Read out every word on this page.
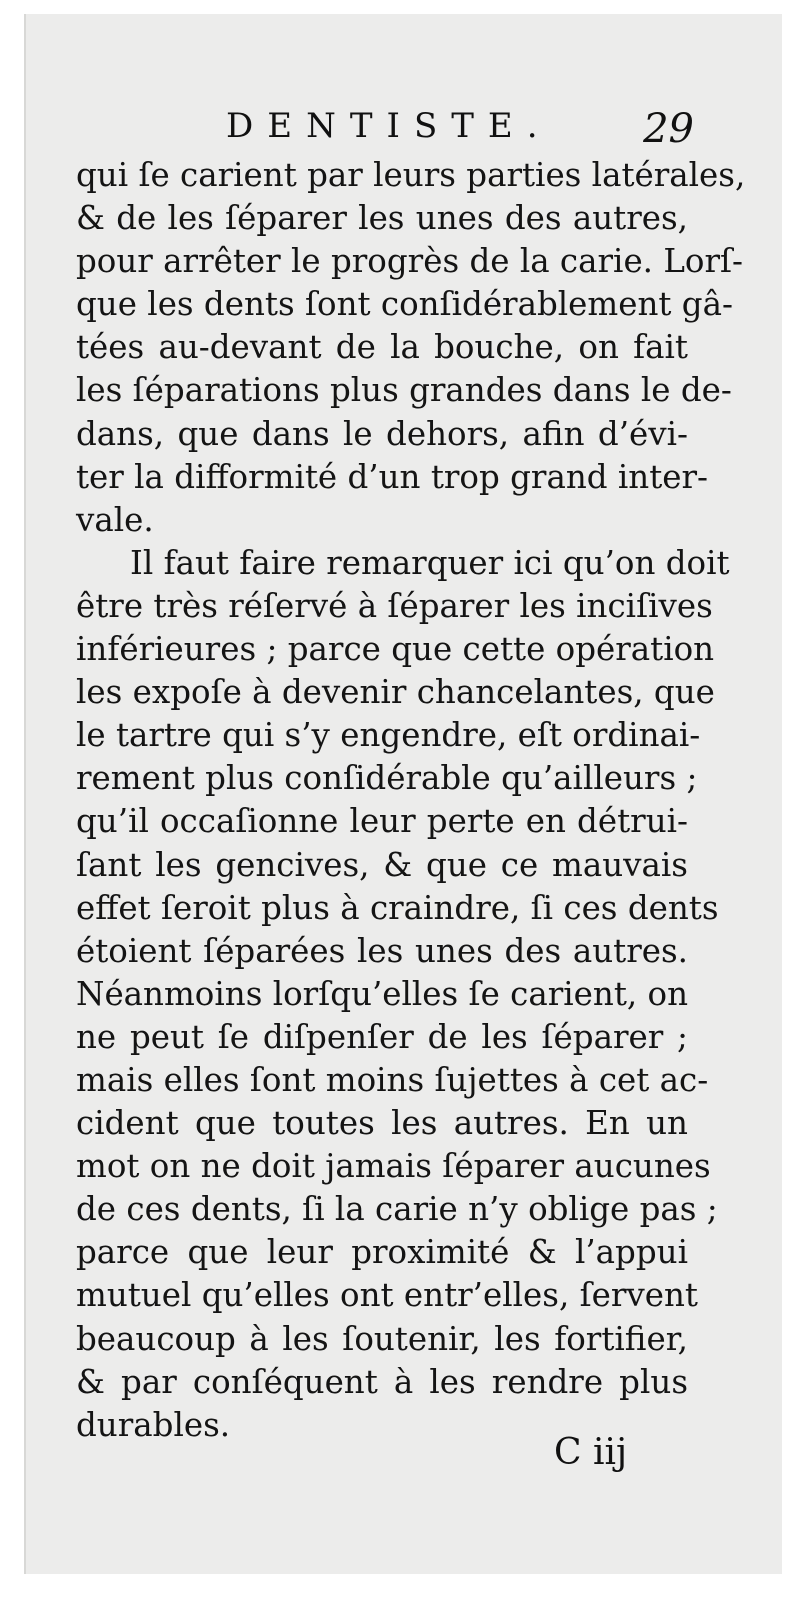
DENTISTE. 29
qui ſe carient par leurs parties latérales,
& de les ſéparer les unes des autres,
pour arrêter le progrès de la carie. Lorſ-
que les dents ſont conſidérablement gâ-
tées au-devant de la bouche, on fait
les ſéparations plus grandes dans le de-
dans, que dans le dehors, afin d’évi-
ter la difformité d’un trop grand inter-
vale.
Il faut faire remarquer ici qu’on doit
être très réſervé à ſéparer les inciſives
inférieures ; parce que cette opération
les expoſe à devenir chancelantes, que
le tartre qui s’y engendre, eſt ordinai-
rement plus conſidérable qu’ailleurs ;
qu’il occaſionne leur perte en détrui-
ſant les gencives, & que ce mauvais
effet ſeroit plus à craindre, ſi ces dents
étoient ſéparées les unes des autres.
Néanmoins lorſqu’elles ſe carient, on
ne peut ſe diſpenſer de les ſéparer ;
mais elles ſont moins ſujettes à cet ac-
cident que toutes les autres. En un
mot on ne doit jamais ſéparer aucunes
de ces dents, ſi la carie n’y oblige pas ;
parce que leur proximité & l’appui
mutuel qu’elles ont entr’elles, ſervent
beaucoup à les ſoutenir, les fortifier,
& par conſéquent à les rendre plus
durables.
C iij
